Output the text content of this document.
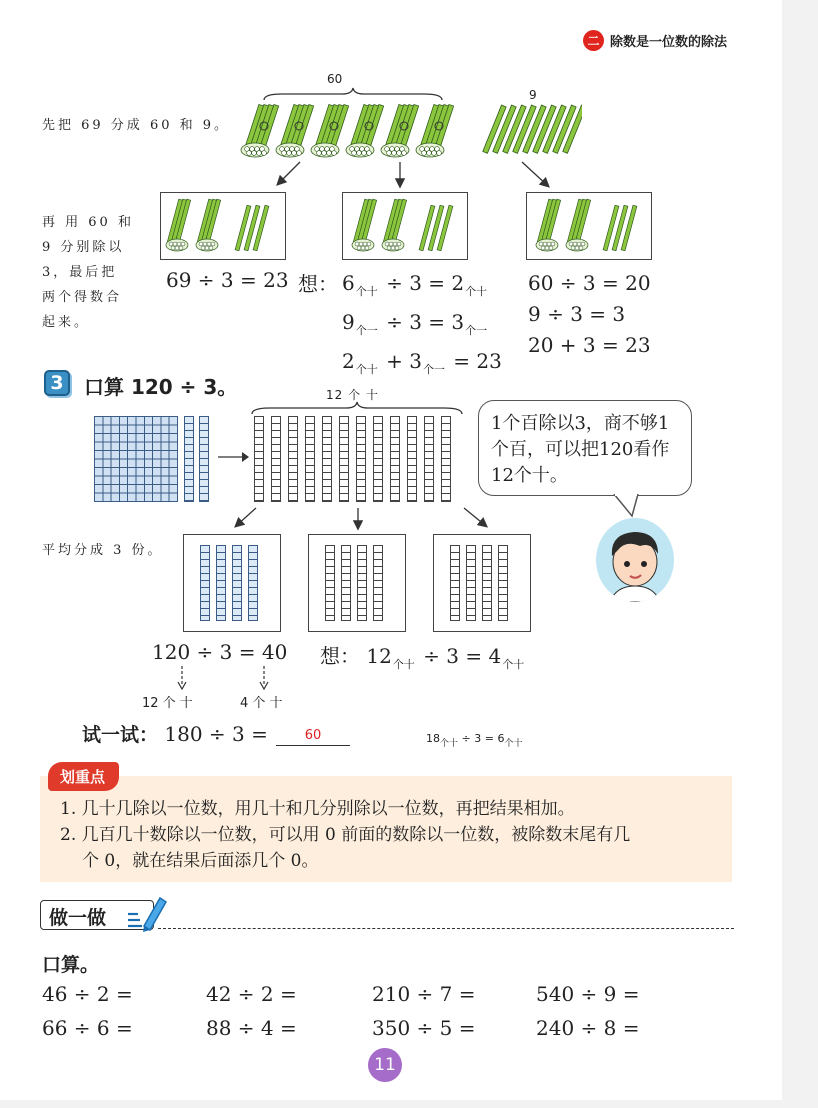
二 除数是一位数的除法
60
9
先把 69 分成 60 和 9。
再 用 60 和
9 分别除以
3，最后把
两个得数合
起来。
69 ÷ 3 = 23 想： $6_{个十} \div 3 = 2_{个十}$
$9_{个一} \div 3 = 3_{个一}$
$2_{个十} + 3_{个一} = 23$
60 ÷ 3 = 20
9 ÷ 3 = 3
20 + 3 = 23
3	口算 120 ÷ 3。	12 个 十
1个百除以3，商不够1个百，可以把120看作12个十。
平均分成 3 份。
120 ÷ 3 = 40
12 个 十	4 个 十
想： $12_{个十} \div 3 = 4_{个十}$
试一试： 180 ÷ 3 =	60	$18_{个十} \div 3 = 6_{个十}$
划重点
1. 几十几除以一位数，用几十和几分别除以一位数，再把结果相加。
2. 几百几十数除以一位数，可以用 0 前面的数除以一位数，被除数末尾有几
个 0，就在结果后面添几个 0。
做一做
口算。
46 ÷ 2 =	42 ÷ 2 =	210 ÷ 7 =	540 ÷ 9 =
66 ÷ 6 =	88 ÷ 4 =	350 ÷ 5 =	240 ÷ 8 =
11
